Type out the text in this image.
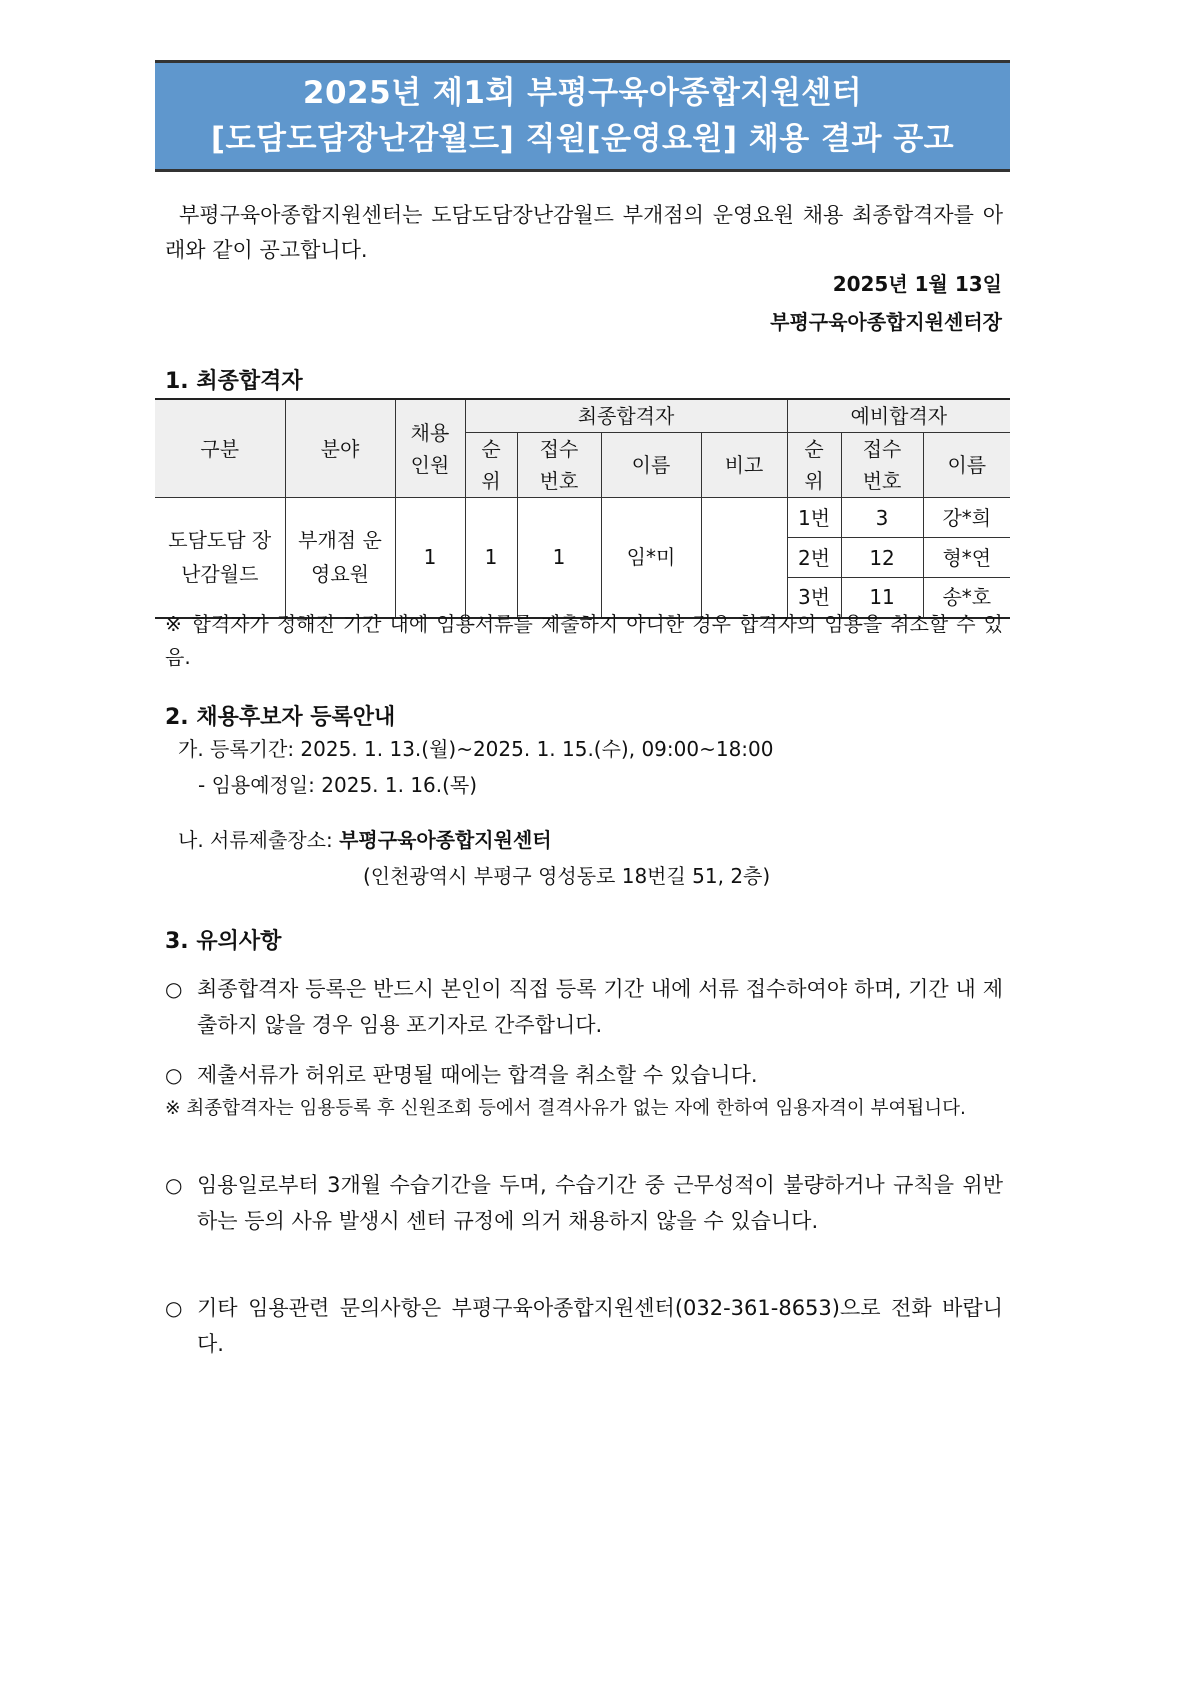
2025년 제1회 부평구육아종합지원센터
[도담도담장난감월드] 직원[운영요원] 채용 결과 공고

부평구육아종합지원센터는 도담도담장난감월드 부개점의 운영요원 채용 최종합격자를 아래와 같이 공고합니다.

2025년 1월 13일
부평구육아종합지원센터장
1. 최종합격자
구분	분야	채용 인원	최종합격자				예비합격자		

			순위	접수 번호	이름	비고	순위	접수 번호	이름

도담도담 장난감월드	부개점 운영요원	1	1	1	임*미		1번	3	강*희
							2번	12	형*연
							3번	11	송*호
※ 합격자가 정해진 기간 내에 임용서류를 제출하지 아니한 경우 합격자의 임용을 취소할 수 있음.
2. 채용후보자 등록안내
가. 등록기간: 2025. 1. 13.(월)~2025. 1. 15.(수), 09:00~18:00
- 임용예정일: 2025. 1. 16.(목)
나. 서류제출장소: 부평구육아종합지원센터
(인천광역시 부평구 영성동로 18번길 51, 2층)
3. 유의사항
○ 최종합격자 등록은 반드시 본인이 직접 등록 기간 내에 서류 접수하여야 하며, 기간 내 제출하지 않을 경우 임용 포기자로 간주합니다.
○ 제출서류가 허위로 판명될 때에는 합격을 취소할 수 있습니다.
※ 최종합격자는 임용등록 후 신원조회 등에서 결격사유가 없는 자에 한하여 임용자격이 부여됩니다.
○ 임용일로부터 3개월 수습기간을 두며, 수습기간 중 근무성적이 불량하거나 규칙을 위반하는 등의 사유 발생시 센터 규정에 의거 채용하지 않을 수 있습니다.
○ 기타 임용관련 문의사항은 부평구육아종합지원센터(032-361-8653)으로 전화 바랍니다.
